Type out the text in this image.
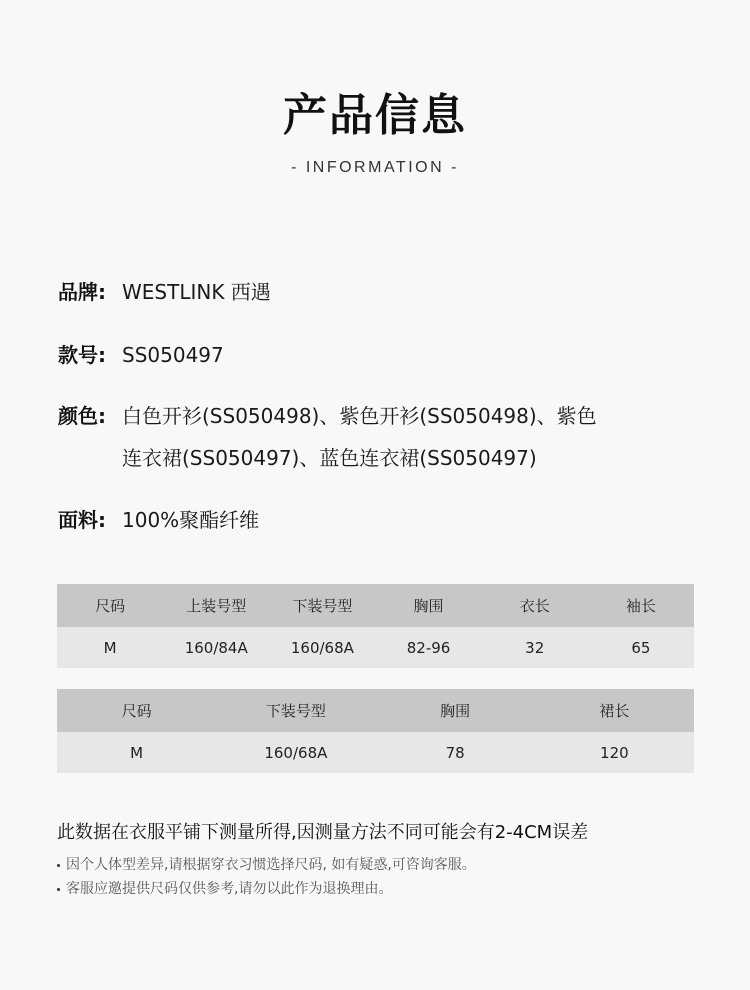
产品信息
- INFORMATION -
品牌: WESTLINK 西遇
款号: SS050497
颜色: 白色开衫(SS050498)、紫色开衫(SS050498)、紫色
连衣裙(SS050497)、蓝色连衣裙(SS050497)
面料: 100%聚酯纤维
尺码	上装号型	下装号型	胸围	衣长	袖长
M	160/84A	160/68A	82-96	32	65
尺码	下装号型	胸围	裙长
M	160/68A	78	120
此数据在衣服平铺下测量所得,因测量方法不同可能会有2-4CM误差
因个人体型差异,请根据穿衣习惯选择尺码, 如有疑惑,可咨询客服。
客服应邀提供尺码仅供参考,请勿以此作为退换理由。
